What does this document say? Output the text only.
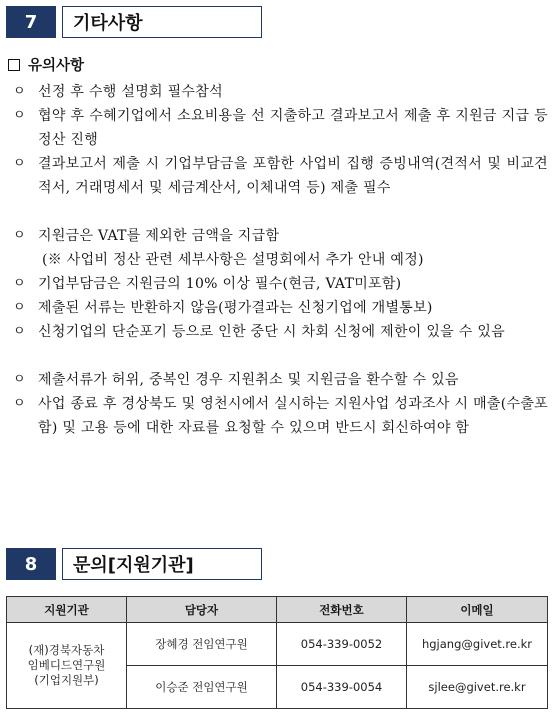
7	기타사항
유의사항
ㅇ 선정 후 수행 설명회 필수참석
ㅇ 협약 후 수혜기업에서 소요비용을 선 지출하고 결과보고서 제출 후 지원금 지급 등 정산 진행
ㅇ 결과보고서 제출 시 기업부담금을 포함한 사업비 집행 증빙내역(견적서 및 비교견적서, 거래명세서 및 세금계산서, 이체내역 등) 제출 필수
ㅇ 지원금은 VAT를 제외한 금액을 지급함
(※ 사업비 정산 관련 세부사항은 설명회에서 추가 안내 예정)
ㅇ 기업부담금은 지원금의 10% 이상 필수(현금, VAT미포함)
ㅇ 제출된 서류는 반환하지 않음(평가결과는 신청기업에 개별통보)
ㅇ 신청기업의 단순포기 등으로 인한 중단 시 차회 신청에 제한이 있을 수 있음
ㅇ 제출서류가 허위, 중복인 경우 지원취소 및 지원금을 환수할 수 있음
ㅇ 사업 종료 후 경상북도 및 영천시에서 실시하는 지원사업 성과조사 시 매출(수출포함) 및 고용 등에 대한 자료를 요청할 수 있으며 반드시 회신하여야 함
8	문의[지원기관]
지원기관	담당자	전화번호	이메일

(재)경북자동차
임베디드연구원
(기업지원부)	장혜경 전임연구원	054-339-0052	hgjang@givet.re.kr
	이승준 전임연구원	054-339-0054	sjlee@givet.re.kr
